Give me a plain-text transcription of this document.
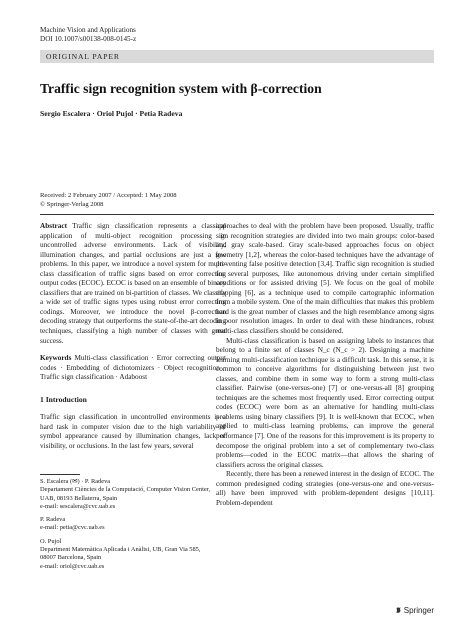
Machine Vision and Applications
DOI 10.1007/s00138-008-0145-z
ORIGINAL PAPER
Traffic sign recognition system with β-correction
Sergio Escalera · Oriol Pujol · Petia Radeva
Received: 2 February 2007 / Accepted: 1 May 2008
© Springer-Verlag 2008

Abstract Traffic sign classification represents a classical application of multi-object recognition processing in uncontrolled adverse environments. Lack of visibility, illumination changes, and partial occlusions are just a few problems. In this paper, we introduce a novel system for multi-class classification of traffic signs based on error correcting output codes (ECOC). ECOC is based on an ensemble of binary classifiers that are trained on bi-partition of classes. We classify a wide set of traffic signs types using robust error correcting codings. Moreover, we introduce the novel β-correction decoding strategy that outperforms the state-of-the-art decoding techniques, classifying a high number of classes with great success.

Keywords Multi-class classification · Error correcting output codes · Embedding of dichotomizers · Object recognition · Traffic sign classification · Adaboost

1 Introduction

Traffic sign classification in uncontrolled environments is a hard task in computer vision due to the high variability of symbol appearance caused by illumination changes, lack of visibility, or occlusions. In the last few years, several

S. Escalera (✉) · P. Radeva
Departament Ciències de la Computació, Computer Vision Center,
UAB, 08193 Bellaterra, Spain
e-mail: sescalera@cvc.uab.es
P. Radeva
e-mail: petia@cvc.uab.es
O. Pujol
Department Matemàtica Aplicada i Anàlisi, UB, Gran Via 585,
08007 Barcelona, Spain
e-mail: oriol@cvc.uab.es

approaches to deal with the problem have been proposed. Usually, traffic sign recognition strategies are divided into two main groups: color-based and gray scale-based. Gray scale-based approaches focus on object geometry [1,2], whereas the color-based techniques have the advantage of preventing false positive detection [3,4]. Traffic sign recognition is studied for several purposes, like autonomous driving under certain simplified conditions or for assisted driving [5]. We focus on the goal of mobile mapping [6], as a technique used to compile cartographic information from a mobile system. One of the main difficulties that makes this problem hard is the great number of classes and the high resemblance among signs in poor resolution images. In order to deal with these hindrances, robust multi-class classifiers should be considered.

Multi-class classification is based on assigning labels to instances that belong to a finite set of classes N_c (N_c > 2). Designing a machine learning multi-classification technique is a difficult task. In this sense, it is common to conceive algorithms for distinguishing between just two classes, and combine them in some way to form a strong multi-class classifier. Pairwise (one-versus-one) [7] or one-versus-all [8] grouping techniques are the schemes most frequently used. Error correcting output codes (ECOC) were born as an alternative for handling multi-class problems using binary classifiers [9]. It is well-known that ECOC, when applied to multi-class learning problems, can improve the general performance [7]. One of the reasons for this improvement is its property to decompose the original problem into a set of complementary two-class problems—coded in the ECOC matrix—that allows the sharing of classifiers across the original classes.

Recently, there has been a renewed interest in the design of ECOC. The common predesigned coding strategies (one-versus-one and one-versus-all) have been improved with problem-dependent designs [10,11]. Problem-dependent

Springer
